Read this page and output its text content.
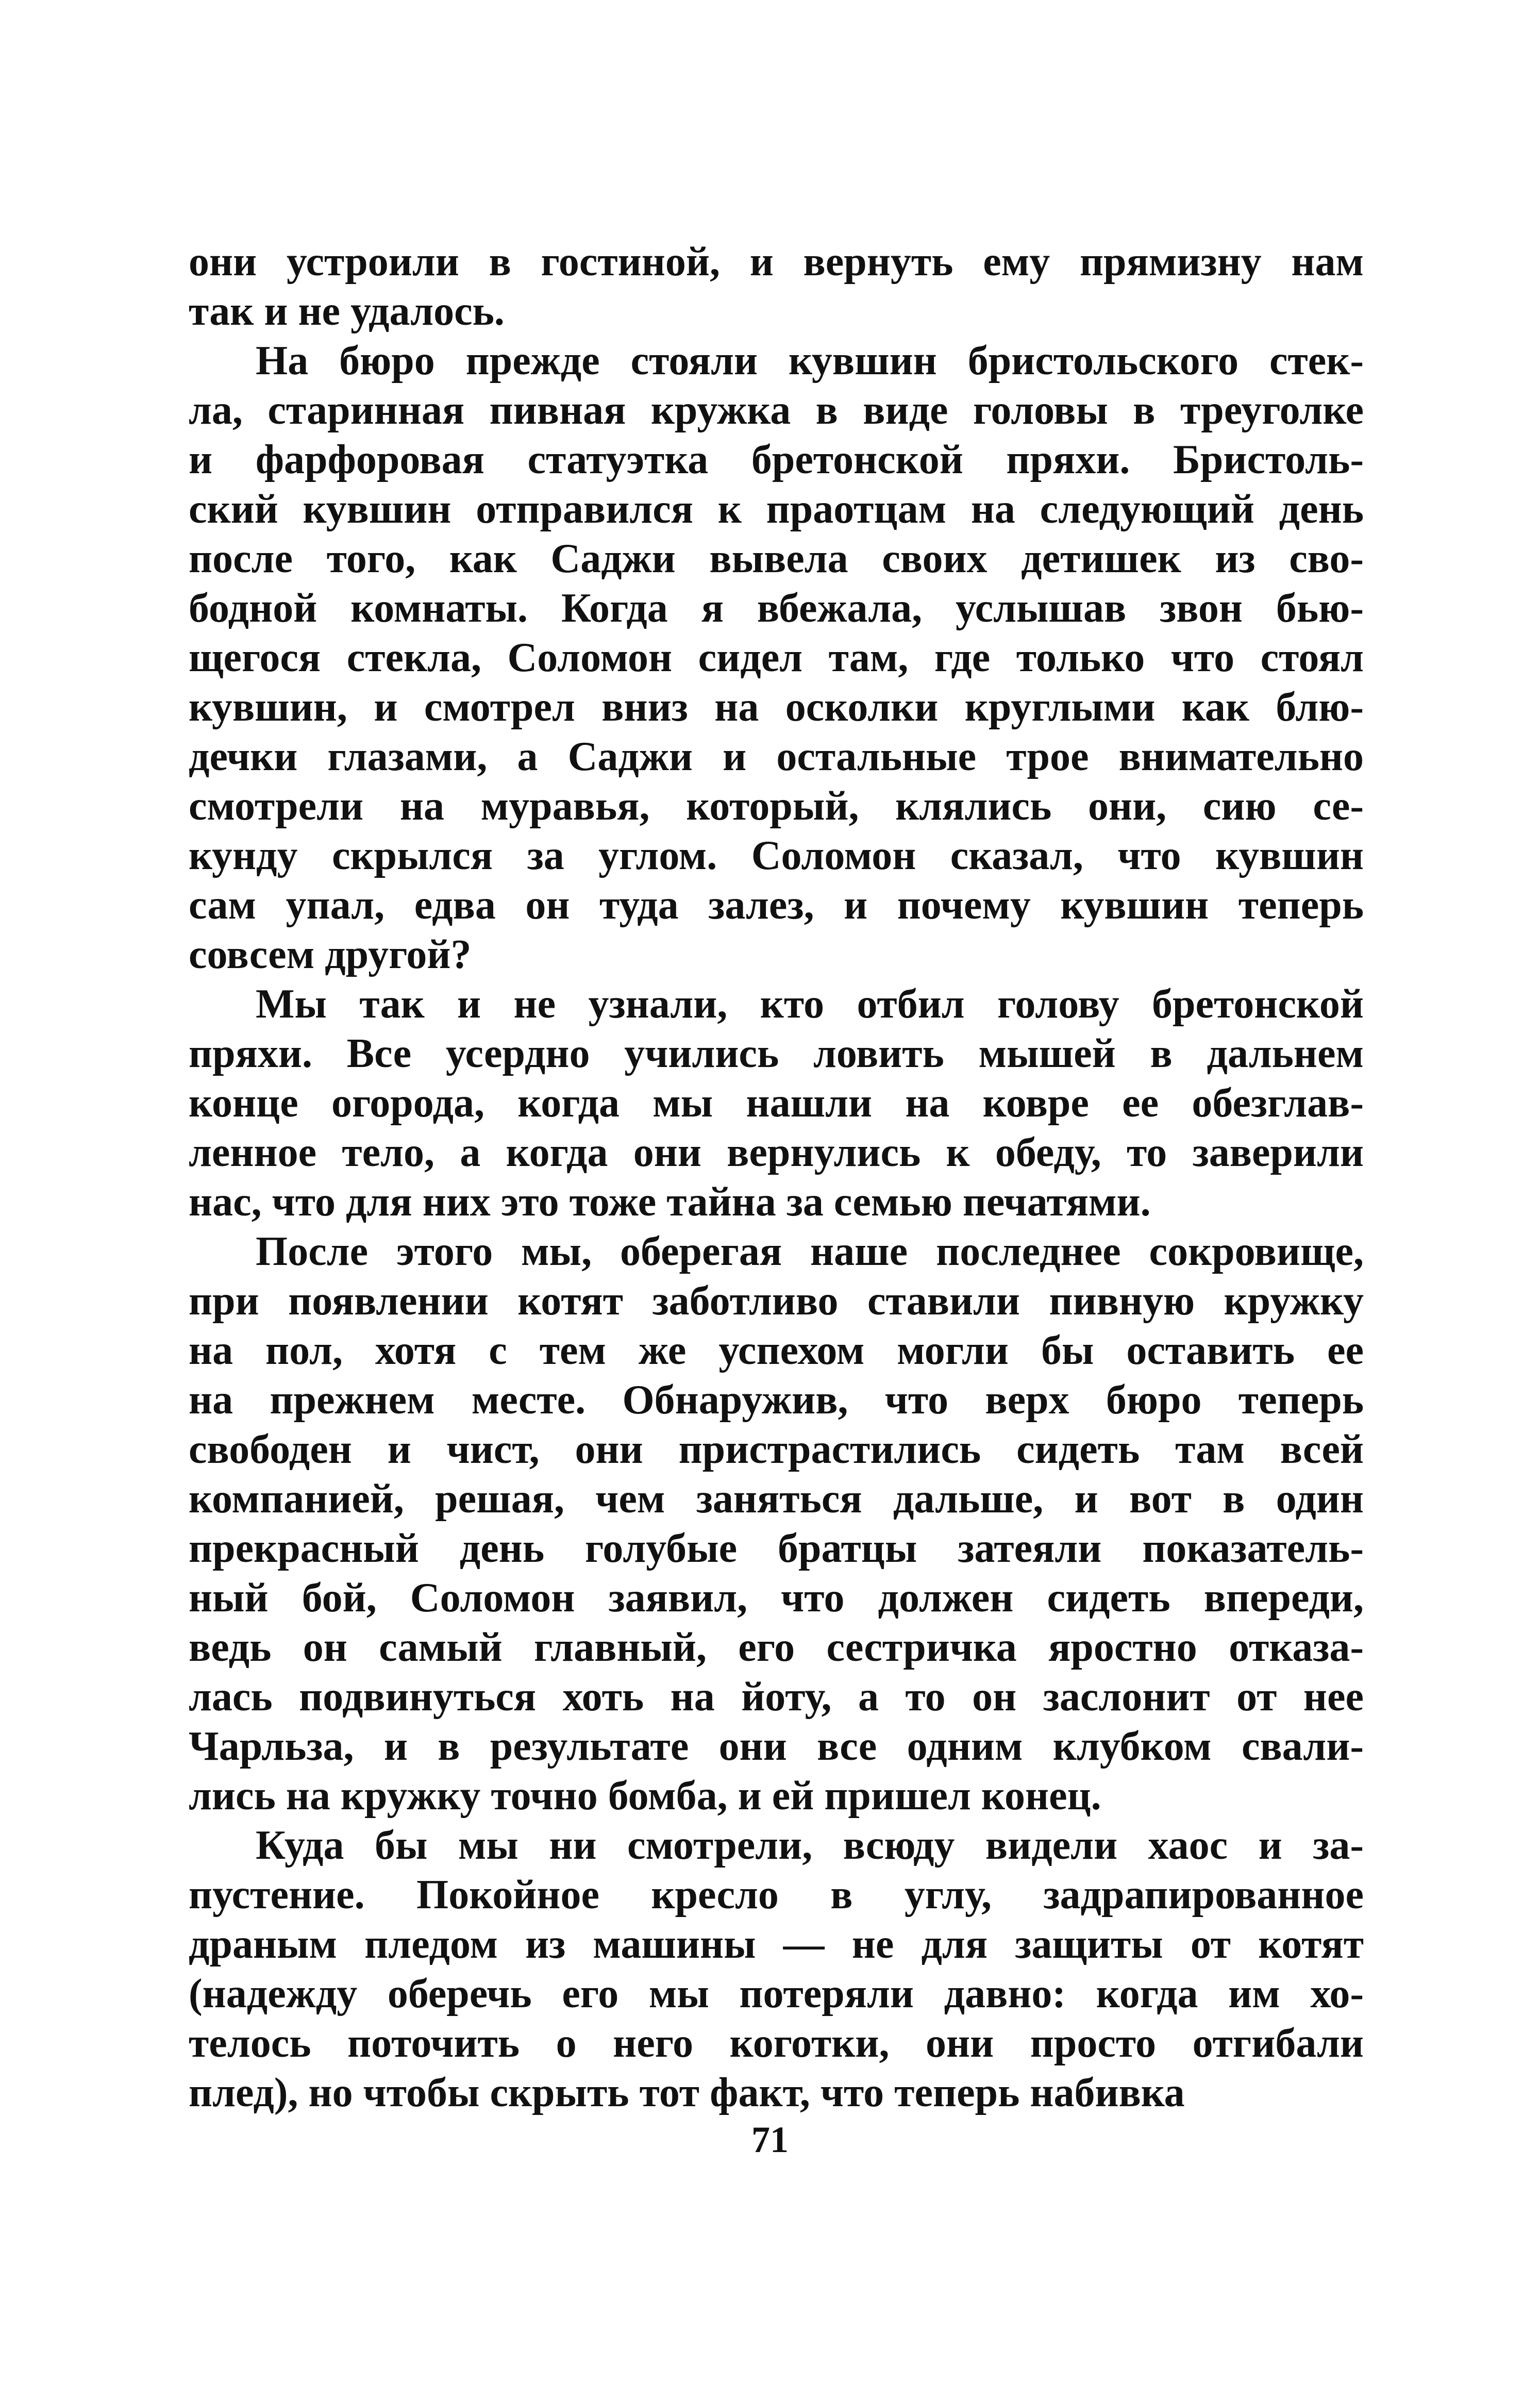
они устроили в гостиной, и вернуть ему прямизну нам
так и не удалось.
На бюро прежде стояли кувшин бристольского стек-
ла, старинная пивная кружка в виде головы в треуголке
и фарфоровая статуэтка бретонской пряхи. Бристоль-
ский кувшин отправился к праотцам на следующий день
после того, как Саджи вывела своих детишек из сво-
бодной комнаты. Когда я вбежала, услышав звон бью-
щегося стекла, Соломон сидел там, где только что стоял
кувшин, и смотрел вниз на осколки круглыми как блю-
дечки глазами, а Саджи и остальные трое внимательно
смотрели на муравья, который, клялись они, сию се-
кунду скрылся за углом. Соломон сказал, что кувшин
сам упал, едва он туда залез, и почему кувшин теперь
совсем другой?
Мы так и не узнали, кто отбил голову бретонской
пряхи. Все усердно учились ловить мышей в дальнем
конце огорода, когда мы нашли на ковре ее обезглав-
ленное тело, а когда они вернулись к обеду, то заверили
нас, что для них это тоже тайна за семью печатями.
После этого мы, оберегая наше последнее сокровище,
при появлении котят заботливо ставили пивную кружку
на пол, хотя с тем же успехом могли бы оставить ее
на прежнем месте. Обнаружив, что верх бюро теперь
свободен и чист, они пристрастились сидеть там всей
компанией, решая, чем заняться дальше, и вот в один
прекрасный день голубые братцы затеяли показатель-
ный бой, Соломон заявил, что должен сидеть впереди,
ведь он самый главный, его сестричка яростно отказа-
лась подвинуться хоть на йоту, а то он заслонит от нее
Чарльза, и в результате они все одним клубком свали-
лись на кружку точно бомба, и ей пришел конец.
Куда бы мы ни смотрели, всюду видели хаос и за-
пустение. Покойное кресло в углу, задрапированное
драным пледом из машины — не для защиты от котят
(надежду оберечь его мы потеряли давно: когда им хо-
телось поточить о него коготки, они просто отгибали
плед), но чтобы скрыть тот факт, что теперь набивка
71
